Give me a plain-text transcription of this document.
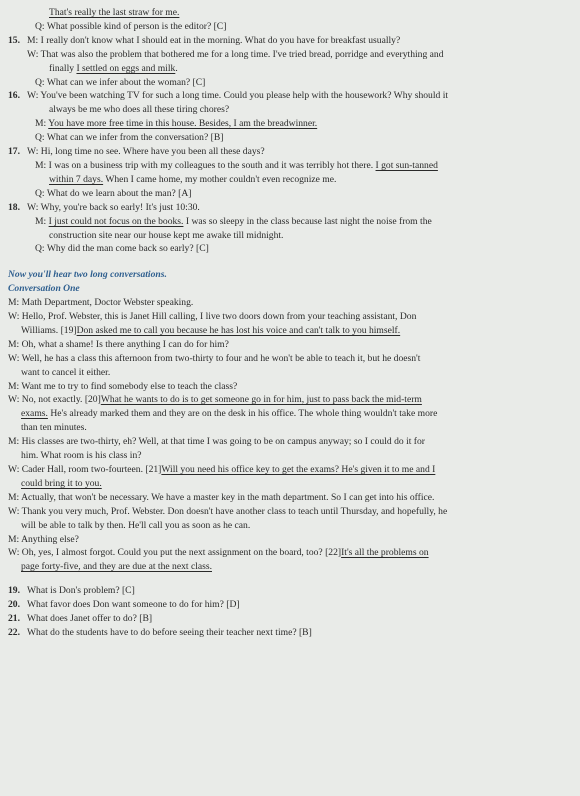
That's really the last straw for me.
Q: What possible kind of person is the editor? [C]
15. M: I really don't know what I should eat in the morning. What do you have for breakfast usually?
W: That was also the problem that bothered me for a long time. I've tried bread, porridge and everything and
finally I settled on eggs and milk.
Q: What can we infer about the woman? [C]
16. W: You've been watching TV for such a long time. Could you please help with the housework? Why should it
always be me who does all these tiring chores?
M: You have more free time in this house. Besides, I am the breadwinner.
Q: What can we infer from the conversation? [B]
17. W: Hi, long time no see. Where have you been all these days?
M: I was on a business trip with my colleagues to the south and it was terribly hot there. I got sun-tanned
within 7 days. When I came home, my mother couldn't even recognize me.
Q: What do we learn about the man? [A]
18. W: Why, you're back so early! It's just 10:30.
M: I just could not focus on the books. I was so sleepy in the class because last night the noise from the
construction site near our house kept me awake till midnight.
Q: Why did the man come back so early? [C]
Now you'll hear two long conversations.
Conversation One
M: Math Department, Doctor Webster speaking.
W: Hello, Prof. Webster, this is Janet Hill calling, I live two doors down from your teaching assistant, Don
Williams. [19]Don asked me to call you because he has lost his voice and can't talk to you himself.
M: Oh, what a shame! Is there anything I can do for him?
W: Well, he has a class this afternoon from two-thirty to four and he won't be able to teach it, but he doesn't
want to cancel it either.
M: Want me to try to find somebody else to teach the class?
W: No, not exactly. [20]What he wants to do is to get someone go in for him, just to pass back the mid-term
exams. He's already marked them and they are on the desk in his office. The whole thing wouldn't take more
than ten minutes.
M: His classes are two-thirty, eh? Well, at that time I was going to be on campus anyway; so I could do it for
him. What room is his class in?
W: Cader Hall, room two-fourteen. [21]Will you need his office key to get the exams? He's given it to me and I
could bring it to you.
M: Actually, that won't be necessary. We have a master key in the math department. So I can get into his office.
W: Thank you very much, Prof. Webster. Don doesn't have another class to teach until Thursday, and hopefully, he
will be able to talk by then. He'll call you as soon as he can.
M: Anything else?
W: Oh, yes, I almost forgot. Could you put the next assignment on the board, too? [22]It's all the problems on
page forty-five, and they are due at the next class.
19. What is Don's problem? [C]
20. What favor does Don want someone to do for him? [D]
21. What does Janet offer to do? [B]
22. What do the students have to do before seeing their teacher next time? [B]
